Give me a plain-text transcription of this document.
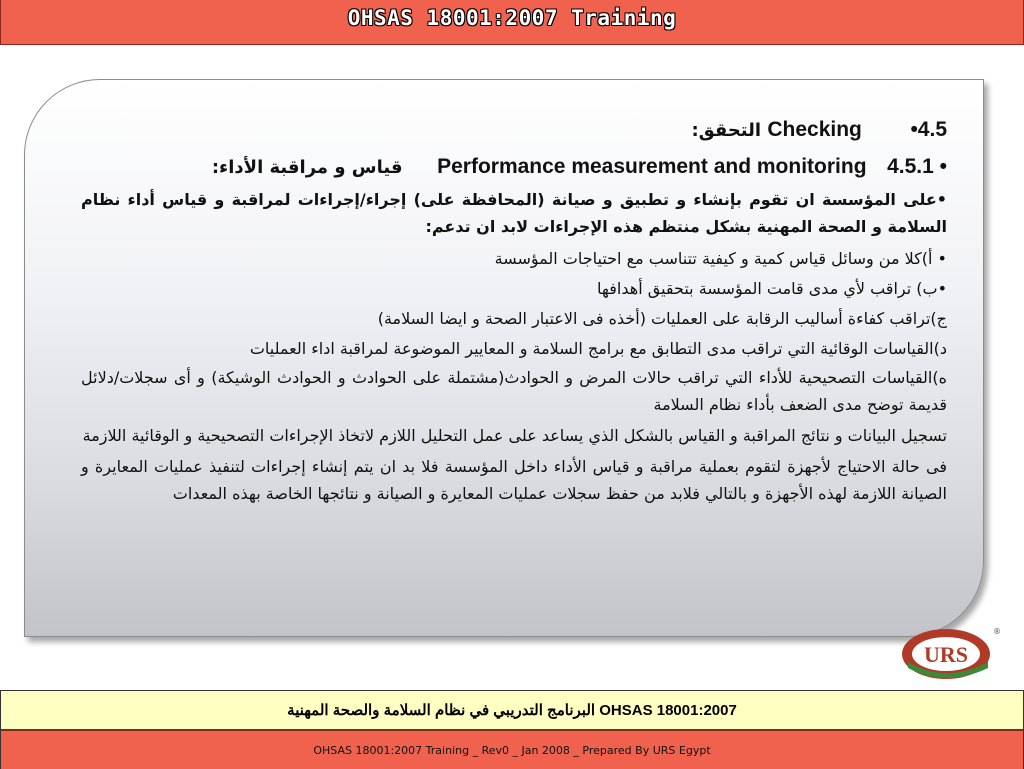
OHSAS 18001:2007 Training
•4.5  Checking التحقق:
4.5.1 •  Performance measurement and monitoring  قياس و مراقبة الأداء:
•على المؤسسة ان تقوم بإنشاء و تطبيق و صيانة (المحافظة على) إجراء/إجراءات لمراقبة و قياس أداء نظام السلامة و الصحة المهنية بشكل منتظم هذه الإجراءات لابد ان تدعم:
• أ)كلا من وسائل قياس كمية و كيفية تتناسب مع احتياجات المؤسسة
•ب) تراقب لأي مدى قامت المؤسسة بتحقيق أهدافها
ج)تراقب كفاءة أساليب الرقابة على العمليات (أخذه فى الاعتبار الصحة و ايضا السلامة)
د)القياسات الوقائية التي تراقب مدى التطابق مع برامج السلامة و المعايير الموضوعة لمراقبة اداء العمليات
ه)القياسات التصحيحية للأداء التي تراقب حالات المرض و الحوادث(مشتملة على الحوادث و الحوادث الوشيكة) و أى سجلات/دلائل قديمة توضح مدى الضعف بأداء نظام السلامة
تسجيل البيانات و نتائج المراقبة و القياس بالشكل الذي يساعد على عمل التحليل اللازم لاتخاذ الإجراءات التصحيحية و الوقائية اللازمة
فى حالة الاحتياج لأجهزة لتقوم بعملية مراقبة و قياس الأداء داخل المؤسسة فلا بد ان يتم إنشاء إجراءات لتنفيذ عمليات المعايرة و الصيانة اللازمة لهذه الأجهزة و بالتالي فلابد من حفظ سجلات عمليات المعايرة و الصيانة و نتائجها الخاصة بهذه المعدات
URS
®
البرنامج التدريبي في نظام السلامة والصحة المهنية OHSAS 18001:2007
OHSAS 18001:2007 Training _ Rev0 _ Jan 2008 _ Prepared By URS Egypt
